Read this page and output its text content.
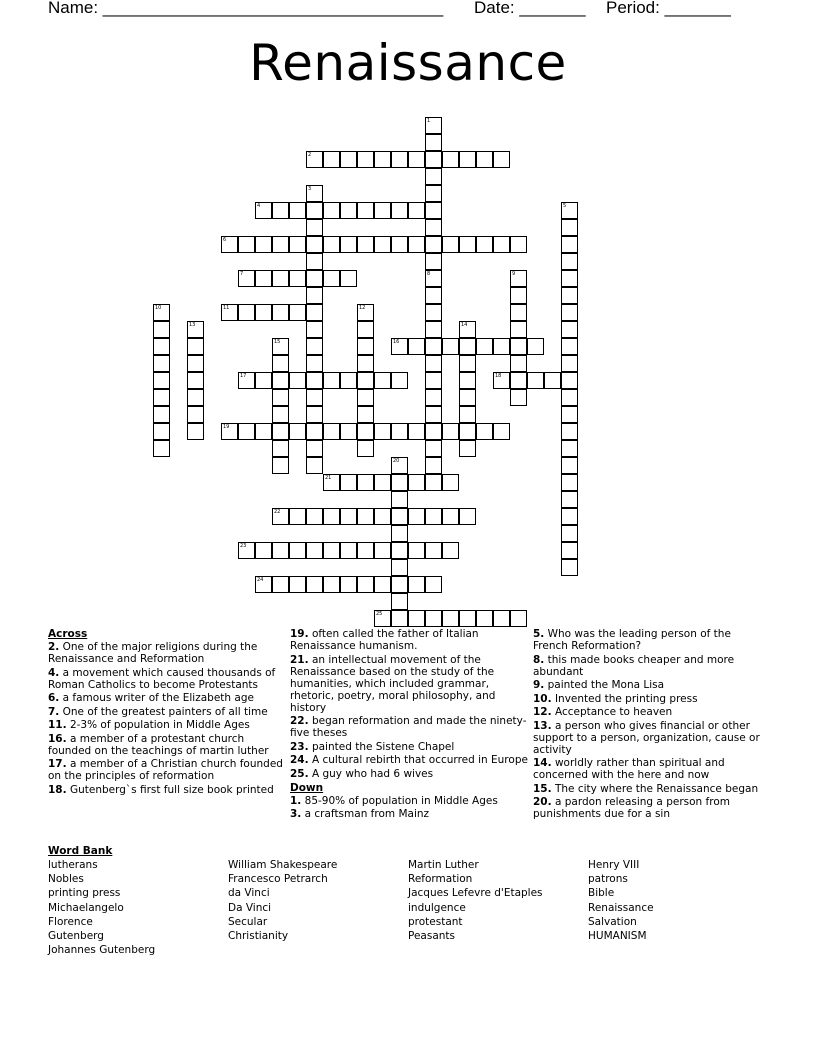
Name: ____________________________________ Date: _______ Period: _______
Renaissance
1
8
2
3
4	5
6
7	9
10	11	12
13	14
15	16
17	18
19
20
21
22
23
24
25

Across

2. One of the major religions during the Renaissance and Reformation

4. a movement which caused thousands of Roman Catholics to become Protestants

6. a famous writer of the Elizabeth age

7. One of the greatest painters of all time

11. 2-3% of population in Middle Ages

16. a member of a protestant church founded on the teachings of martin luther

17. a member of a Christian church founded on the principles of reformation

18. Gutenberg`s first full size book printed

19. often called the father of Italian Renaissance humanism.

21. an intellectual movement of the Renaissance based on the study of the humanities, which included grammar, rhetoric, poetry, moral philosophy, and history

22. began reformation and made the ninety- five theses

23. painted the Sistene Chapel

24. A cultural rebirth that occurred in Europe

25. A guy who had 6 wives

Down

1. 85-90% of population in Middle Ages

3. a craftsman from Mainz

5. Who was the leading person of the French Reformation?

8. this made books cheaper and more abundant

9. painted the Mona Lisa

10. Invented the printing press

12. Acceptance to heaven

13. a person who gives financial or other support to a person, organization, cause or activity

14. worldly rather than spiritual and concerned with the here and now

15. The city where the Renaissance began

20. a pardon releasing a person from punishments due for a sin

Word Bank
lutherans
Nobles
printing press
Michaelangelo
Florence
Gutenberg
Johannes Gutenberg
William Shakespeare
Francesco Petrarch
da Vinci
Da Vinci
Secular
Christianity
Martin Luther
Reformation
Jacques Lefevre d'Etaples
indulgence
protestant
Peasants
Henry VIII
patrons
Bible
Renaissance
Salvation
HUMANISM
